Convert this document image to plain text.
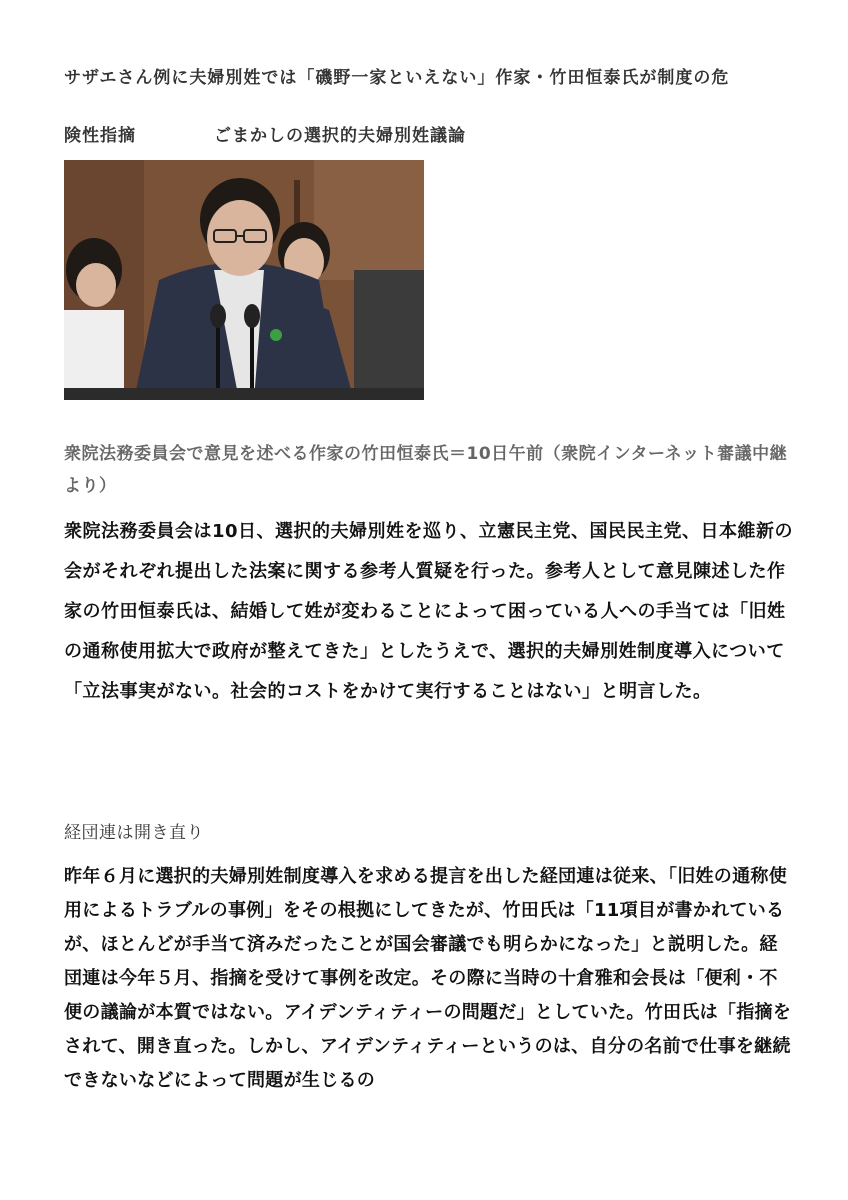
サザエさん例に夫婦別姓では「磯野一家といえない」作家・竹田恒泰氏が制度の危
険性指摘	ごまかしの選択的夫婦別姓議論
衆院法務委員会で意見を述べる作家の竹田恒泰氏＝10日午前（衆院インターネット審議中継より）

衆院法務委員会は10日、選択的夫婦別姓を巡り、立憲民主党、国民民主党、日本維新の会がそれぞれ提出した法案に関する参考人質疑を行った。参考人として意見陳述した作家の竹田恒泰氏は、結婚して姓が変わることによって困っている人への手当ては「旧姓の通称使用拡大で政府が整えてきた」としたうえで、選択的夫婦別姓制度導入について「立法事実がない。社会的コストをかけて実行することはない」と明言した。

経団連は開き直り

昨年６月に選択的夫婦別姓制度導入を求める提言を出した経団連は従来、「旧姓の通称使用によるトラブルの事例」をその根拠にしてきたが、竹田氏は「11項目が書かれているが、ほとんどが手当て済みだったことが国会審議でも明らかになった」と説明した。経団連は今年５月、指摘を受けて事例を改定。その際に当時の十倉雅和会長は「便利・不便の議論が本質ではない。アイデンティティーの問題だ」としていた。竹田氏は「指摘をされて、開き直った。しかし、アイデンティティーというのは、自分の名前で仕事を継続できないなどによって問題が生じるの
